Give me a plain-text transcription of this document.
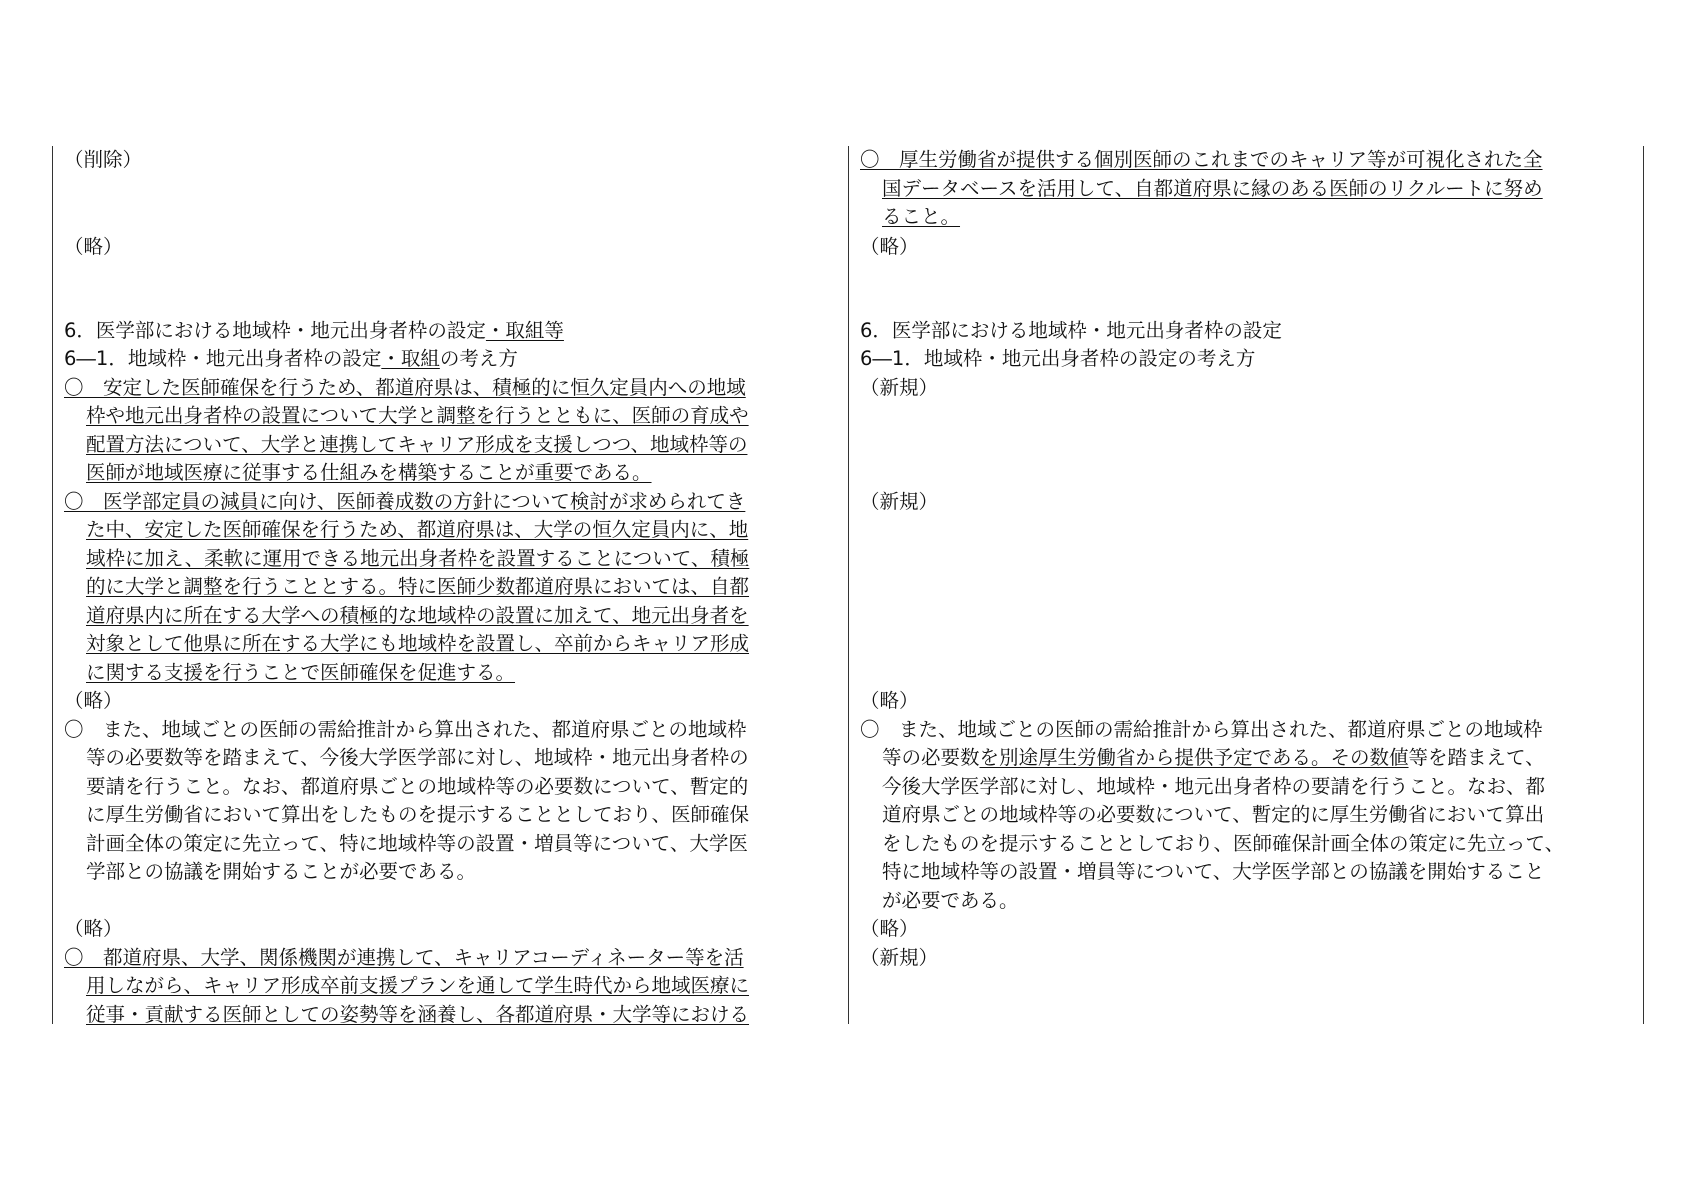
（削除）
（略）
6．医学部における地域枠・地元出身者枠の設定・取組等
6―1．地域枠・地元出身者枠の設定・取組の考え方
〇　安定した医師確保を行うため、都道府県は、積極的に恒久定員内への地域
枠や地元出身者枠の設置について大学と調整を行うとともに、医師の育成や
配置方法について、大学と連携してキャリア形成を支援しつつ、地域枠等の
医師が地域医療に従事する仕組みを構築することが重要である。
〇　医学部定員の減員に向け、医師養成数の方針について検討が求められてき
た中、安定した医師確保を行うため、都道府県は、大学の恒久定員内に、地
域枠に加え、柔軟に運用できる地元出身者枠を設置することについて、積極
的に大学と調整を行うこととする。特に医師少数都道府県においては、自都
道府県内に所在する大学への積極的な地域枠の設置に加えて、地元出身者を
対象として他県に所在する大学にも地域枠を設置し、卒前からキャリア形成
に関する支援を行うことで医師確保を促進する。
（略）
〇　また、地域ごとの医師の需給推計から算出された、都道府県ごとの地域枠
等の必要数等を踏まえて、今後大学医学部に対し、地域枠・地元出身者枠の
要請を行うこと。なお、都道府県ごとの地域枠等の必要数について、暫定的
に厚生労働省において算出をしたものを提示することとしており、医師確保
計画全体の策定に先立って、特に地域枠等の設置・増員等について、大学医
学部との協議を開始することが必要である。
（略）
〇　都道府県、大学、関係機関が連携して、キャリアコーディネーター等を活
用しながら、キャリア形成卒前支援プランを通して学生時代から地域医療に
従事・貢献する医師としての姿勢等を涵養し、各都道府県・大学等における
〇　厚生労働省が提供する個別医師のこれまでのキャリア等が可視化された全
国データベースを活用して、自都道府県に縁のある医師のリクルートに努め
ること。
（略）
6．医学部における地域枠・地元出身者枠の設定
6―1．地域枠・地元出身者枠の設定の考え方
（新規）
（新規）
（略）
〇　また、地域ごとの医師の需給推計から算出された、都道府県ごとの地域枠
等の必要数を別途厚生労働省から提供予定である。その数値等を踏まえて、
今後大学医学部に対し、地域枠・地元出身者枠の要請を行うこと。なお、都
道府県ごとの地域枠等の必要数について、暫定的に厚生労働省において算出
をしたものを提示することとしており、医師確保計画全体の策定に先立って、
特に地域枠等の設置・増員等について、大学医学部との協議を開始すること
が必要である。
（略）
（新規）
